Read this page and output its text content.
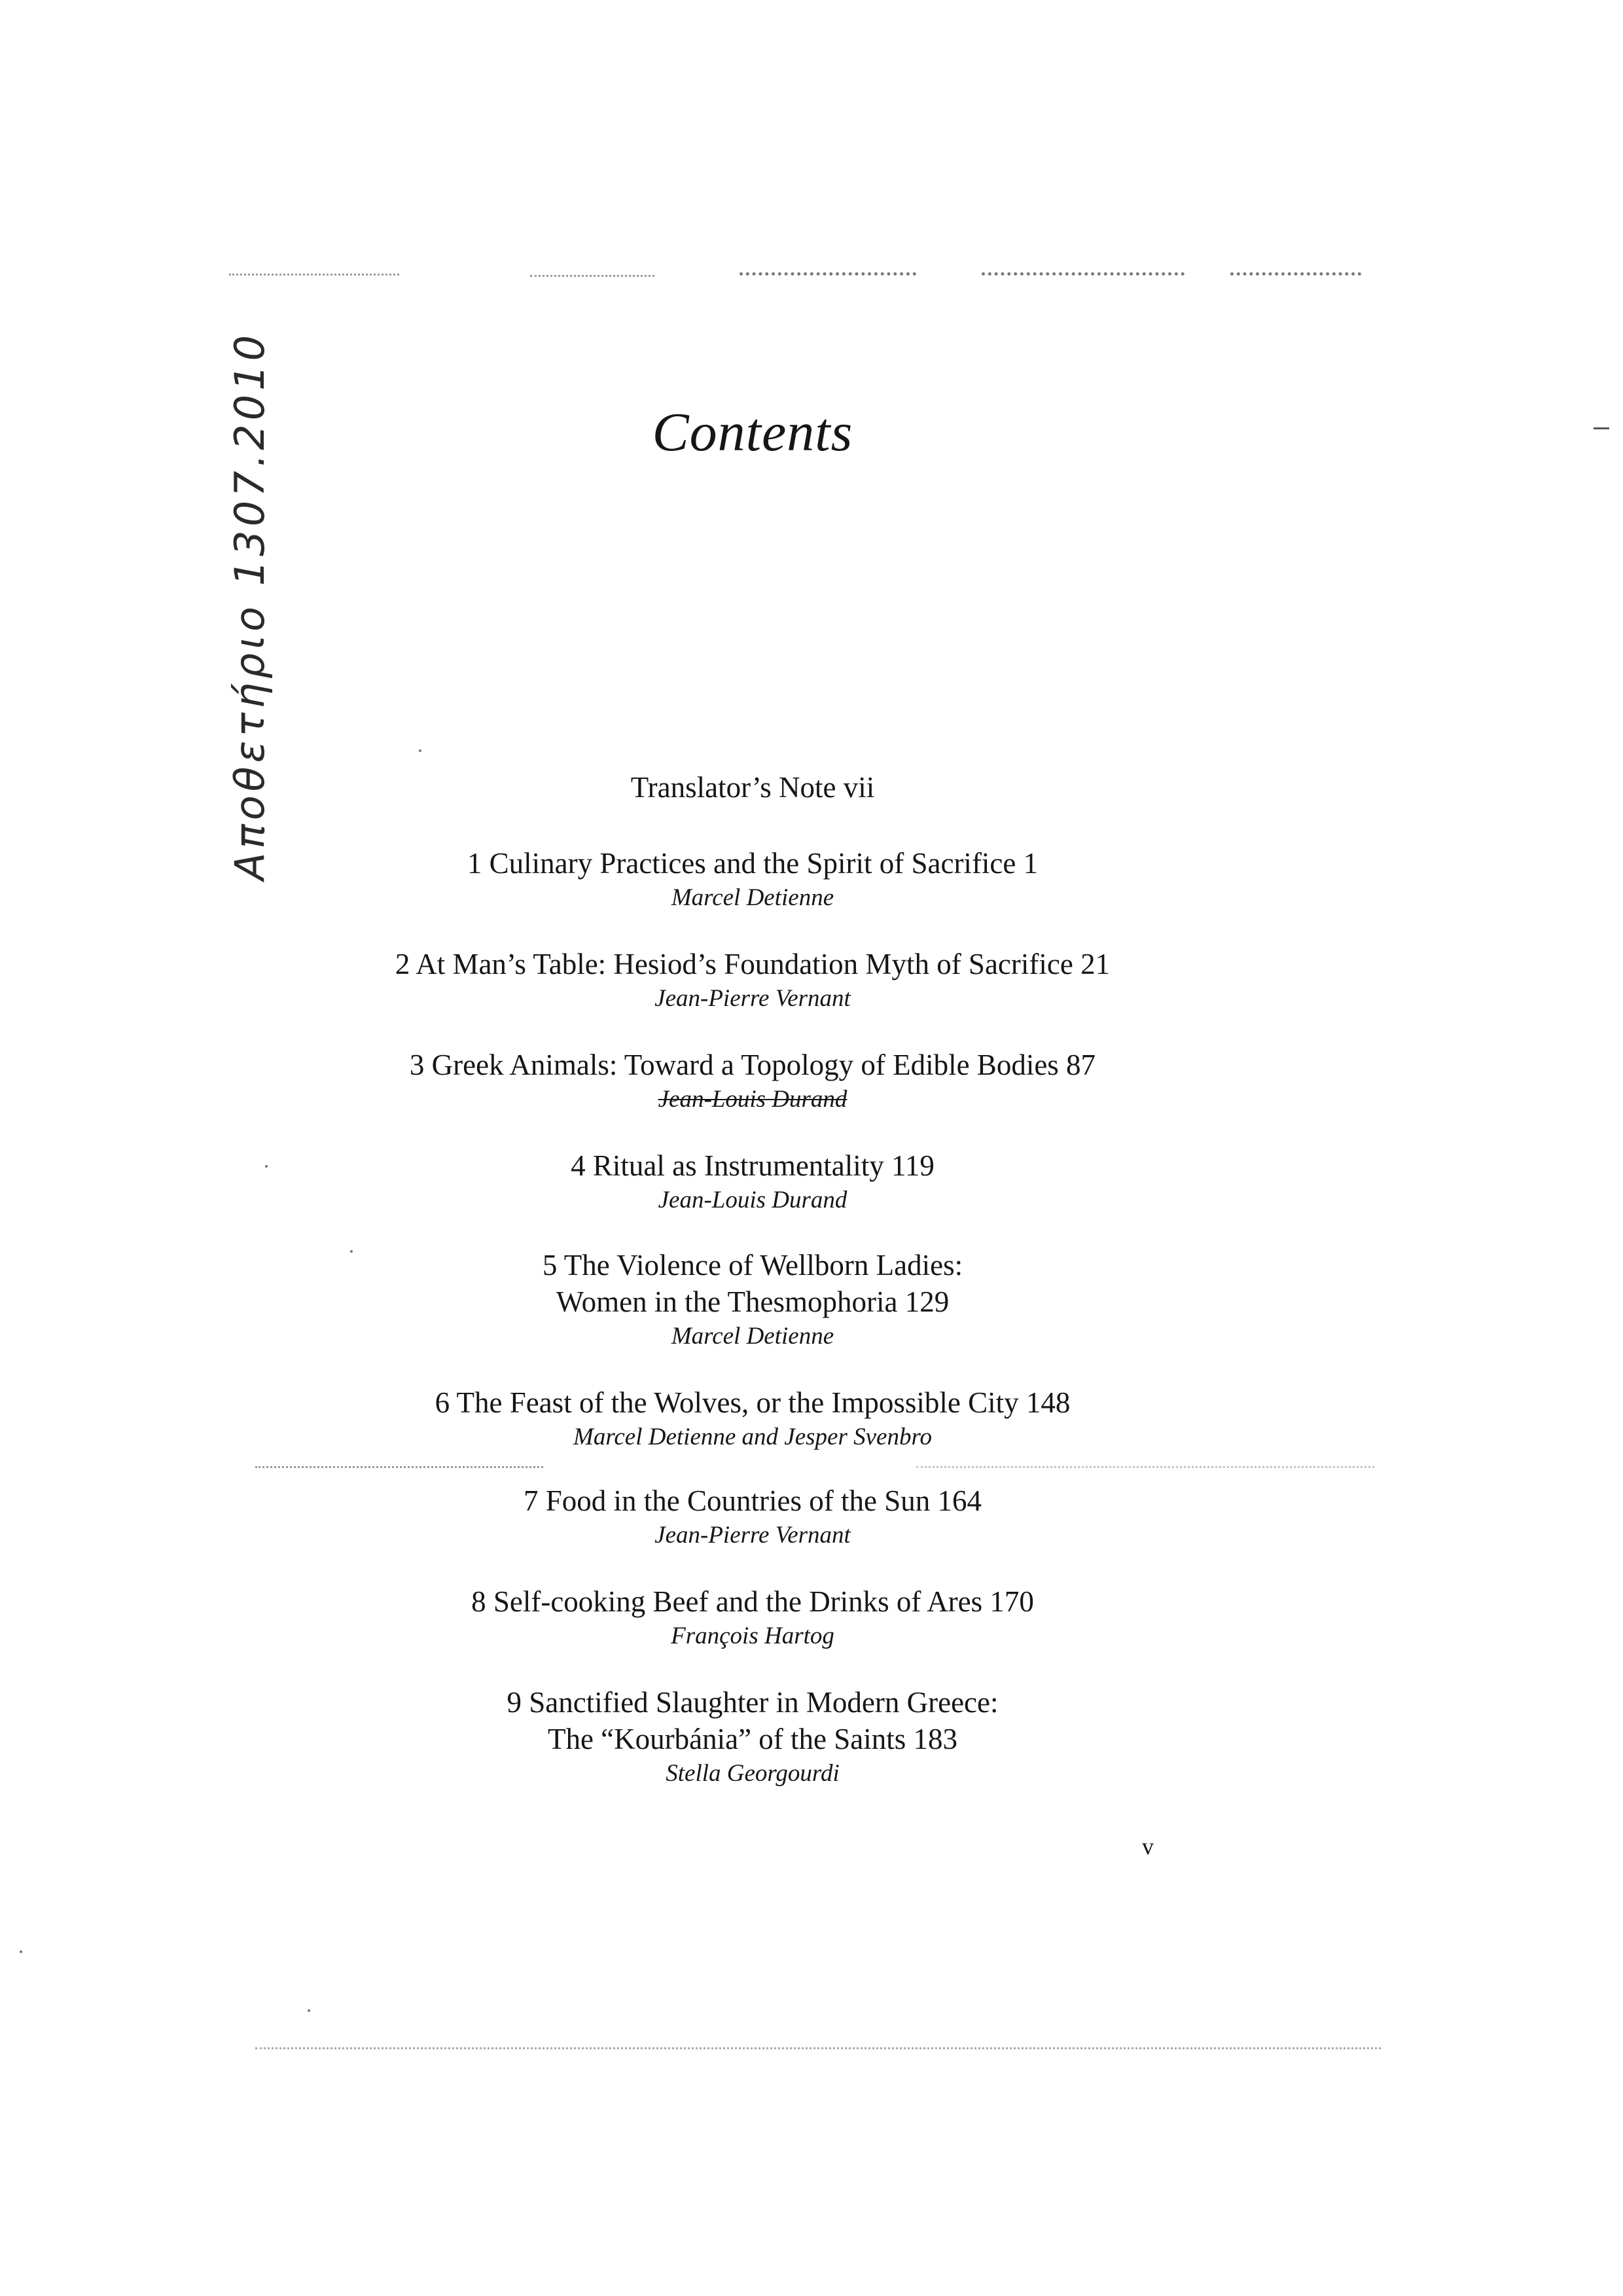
Αποθετήριο 1307.2010	Contents
Translator’s Note vii
1 Culinary Practices and the Spirit of Sacrifice 1
Marcel Detienne
2 At Man’s Table: Hesiod’s Foundation Myth of Sacrifice 21
Jean-Pierre Vernant
3 Greek Animals: Toward a Topology of Edible Bodies 87
Jean-Louis Durand
4 Ritual as Instrumentality 119
Jean-Louis Durand
5 The Violence of Wellborn Ladies:
Women in the Thesmophoria 129
Marcel Detienne
6 The Feast of the Wolves, or the Impossible City 148
Marcel Detienne and Jesper Svenbro
7 Food in the Countries of the Sun 164
Jean-Pierre Vernant
8 Self-cooking Beef and the Drinks of Ares 170
François Hartog
9 Sanctified Slaughter in Modern Greece:
The “Kourbánia” of the Saints 183
Stella Georgourdi
v
